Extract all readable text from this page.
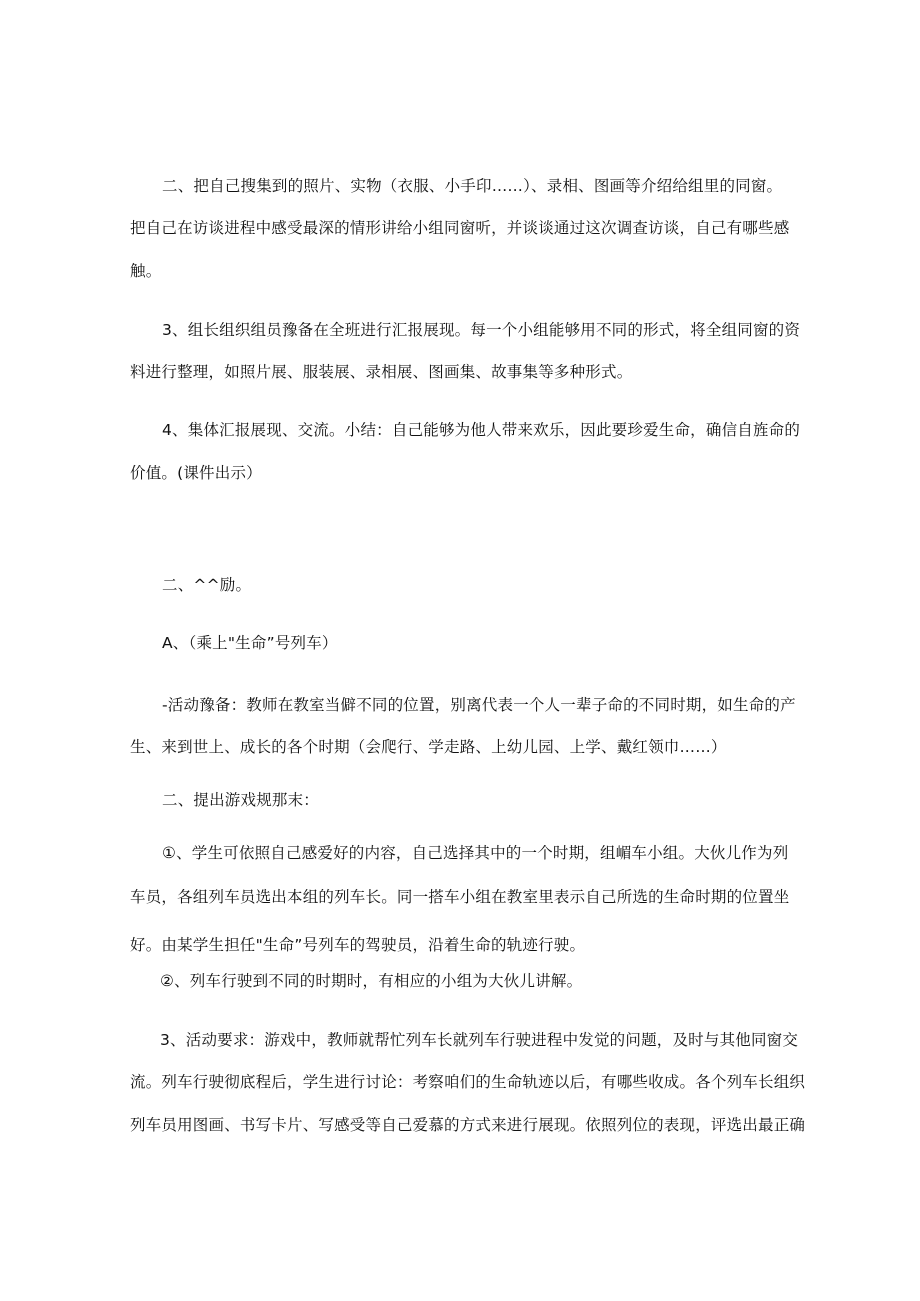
二、把自己搜集到的照片、实物（衣服、小手印……）、录相、图画等介绍给组里的同窗。
把自己在访谈进程中感受最深的情形讲给小组同窗听，并谈谈通过这次调查访谈，自己有哪些感
触。
3、组长组织组员豫备在全班进行汇报展现。每一个小组能够用不同的形式，将全组同窗的资
料进行整理，如照片展、服装展、录相展、图画集、故事集等多种形式。
4、集体汇报展现、交流。小结：自己能够为他人带来欢乐，因此要珍爱生命，确信自旌命的
价值。(课件出示）
二、^^励。
A、（乘上"生命”号列车）
-活动豫备：教师在教室当僻不同的位置，别离代表一个人一辈子命的不同时期，如生命的产
生、来到世上、成长的各个时期（会爬行、学走路、上幼儿园、上学、戴红领巾……）
二、提出游戏规那末：
①、学生可依照自己感爱好的内容，自己选择其中的一个时期，组嵋车小组。大伙儿作为列
车员，各组列车员选出本组的列车长。同一搭车小组在教室里表示自己所选的生命时期的位置坐
好。由某学生担任"生命”号列车的驾驶员，沿着生命的轨迹行驶。
②、列车行驶到不同的时期时，有相应的小组为大伙儿讲解。
3、活动要求：游戏中，教师就帮忙列车长就列车行驶进程中发觉的问题，及时与其他同窗交
流。列车行驶彻底程后，学生进行讨论：考察咱们的生命轨迹以后，有哪些收成。各个列车长组织
列车员用图画、书写卡片、写感受等自己爱慕的方式来进行展现。依照列位的表现，评选出最正确
